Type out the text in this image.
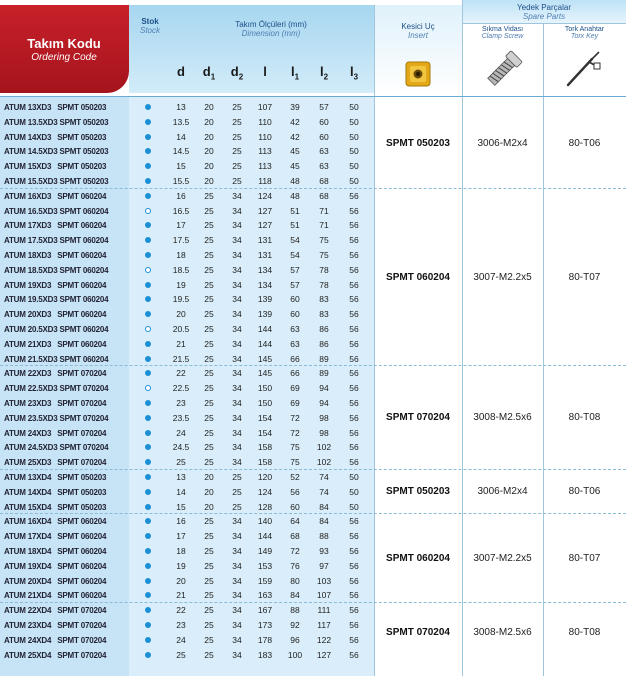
Takım Kodu
Ordering Code
Stok
Stock
Takım Ölçüleri (mm)
Dimension (mm)
d	$d_1$	$d_2$	l	$l_1$	$l_2$	$l_3$
Kesici Uç
Insert
Yedek Parçalar
Spare Parts
Sıkma Vidası
Clamp Screw
Tork Anahtar
Torx Key
ATUM 13XD3   SPMT 050203	13	20	25	107	39	57	50
ATUM 13.5XD3 SPMT 050203	13.5	20	25	110	42	60	50
ATUM 14XD3   SPMT 050203	14	20	25	110	42	60	50
ATUM 14.5XD3 SPMT 050203	14.5	20	25	113	45	63	50
ATUM 15XD3   SPMT 050203	15	20	25	113	45	63	50
ATUM 15.5XD3 SPMT 050203	15.5	20	25	118	48	68	50
ATUM 16XD3   SPMT 060204	16	25	34	124	48	68	56
ATUM 16.5XD3 SPMT 060204	16.5	25	34	127	51	71	56
ATUM 17XD3   SPMT 060204	17	25	34	127	51	71	56
ATUM 17.5XD3 SPMT 060204	17.5	25	34	131	54	75	56
ATUM 18XD3   SPMT 060204	18	25	34	131	54	75	56
ATUM 18.5XD3 SPMT 060204	18.5	25	34	134	57	78	56
ATUM 19XD3   SPMT 060204	19	25	34	134	57	78	56
ATUM 19.5XD3 SPMT 060204	19.5	25	34	139	60	83	56
ATUM 20XD3   SPMT 060204	20	25	34	139	60	83	56
ATUM 20.5XD3 SPMT 060204	20.5	25	34	144	63	86	56
ATUM 21XD3   SPMT 060204	21	25	34	144	63	86	56
ATUM 21.5XD3 SPMT 060204	21.5	25	34	145	66	89	56
ATUM 22XD3   SPMT 070204	22	25	34	145	66	89	56
ATUM 22.5XD3 SPMT 070204	22.5	25	34	150	69	94	56
ATUM 23XD3   SPMT 070204	23	25	34	150	69	94	56
ATUM 23.5XD3 SPMT 070204	23.5	25	34	154	72	98	56
ATUM 24XD3   SPMT 070204	24	25	34	154	72	98	56
ATUM 24.5XD3 SPMT 070204	24.5	25	34	158	75	102	56
ATUM 25XD3   SPMT 070204	25	25	34	158	75	102	56
ATUM 13XD4   SPMT 050203	13	20	25	120	52	74	50
ATUM 14XD4   SPMT 050203	14	20	25	124	56	74	50
ATUM 15XD4   SPMT 050203	15	20	25	128	60	84	50
ATUM 16XD4   SPMT 060204	16	25	34	140	64	84	56
ATUM 17XD4   SPMT 060204	17	25	34	144	68	88	56
ATUM 18XD4   SPMT 060204	18	25	34	149	72	93	56
ATUM 19XD4   SPMT 060204	19	25	34	153	76	97	56
ATUM 20XD4   SPMT 060204	20	25	34	159	80	103	56
ATUM 21XD4   SPMT 060204	21	25	34	163	84	107	56
ATUM 22XD4   SPMT 070204	22	25	34	167	88	111	56
ATUM 23XD4   SPMT 070204	23	25	34	173	92	117	56
ATUM 24XD4   SPMT 070204	24	25	34	178	96	122	56
ATUM 25XD4   SPMT 070204	25	25	34	183	100	127	56
SPMT 050203	3006-M2x4	80-T06
SPMT 060204	3007-M2.2x5	80-T07
SPMT 070204	3008-M2.5x6	80-T08
SPMT 050203	3006-M2x4	80-T06
SPMT 060204	3007-M2.2x5	80-T07
SPMT 070204	3008-M2.5x6	80-T08
